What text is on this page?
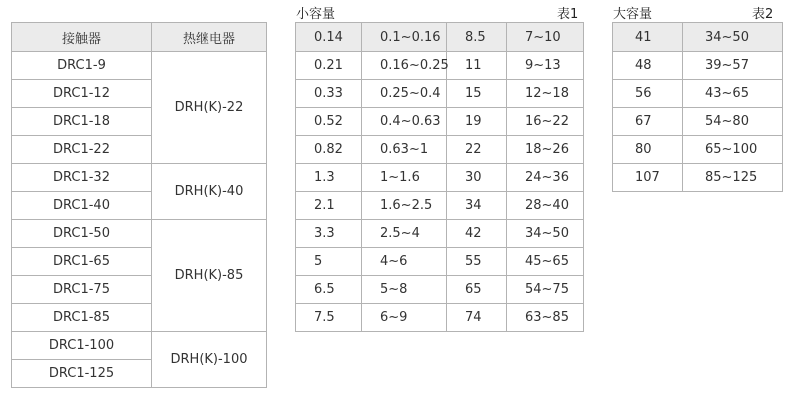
接触器	热继电器
DRC1-9	DRH(K)-22
DRC1-12	
DRC1-18	
DRC1-22	
DRC1-32	DRH(K)-40
DRC1-40	
DRC1-50	DRH(K)-85
DRC1-65	
DRC1-75	
DRC1-85	
DRC1-100	DRH(K)-100
DRC1-125	
小容量	表1
0.14	0.1~0.16	8.5	7~10
0.21	0.16~0.25	11	9~13
0.33	0.25~0.4	15	12~18
0.52	0.4~0.63	19	16~22
0.82	0.63~1	22	18~26
1.3	1~1.6	30	24~36
2.1	1.6~2.5	34	28~40
3.3	2.5~4	42	34~50
5	4~6	55	45~65
6.5	5~8	65	54~75
7.5	6~9	74	63~85
大容量	表2
41	34~50
48	39~57
56	43~65
67	54~80
80	65~100
107	85~125
